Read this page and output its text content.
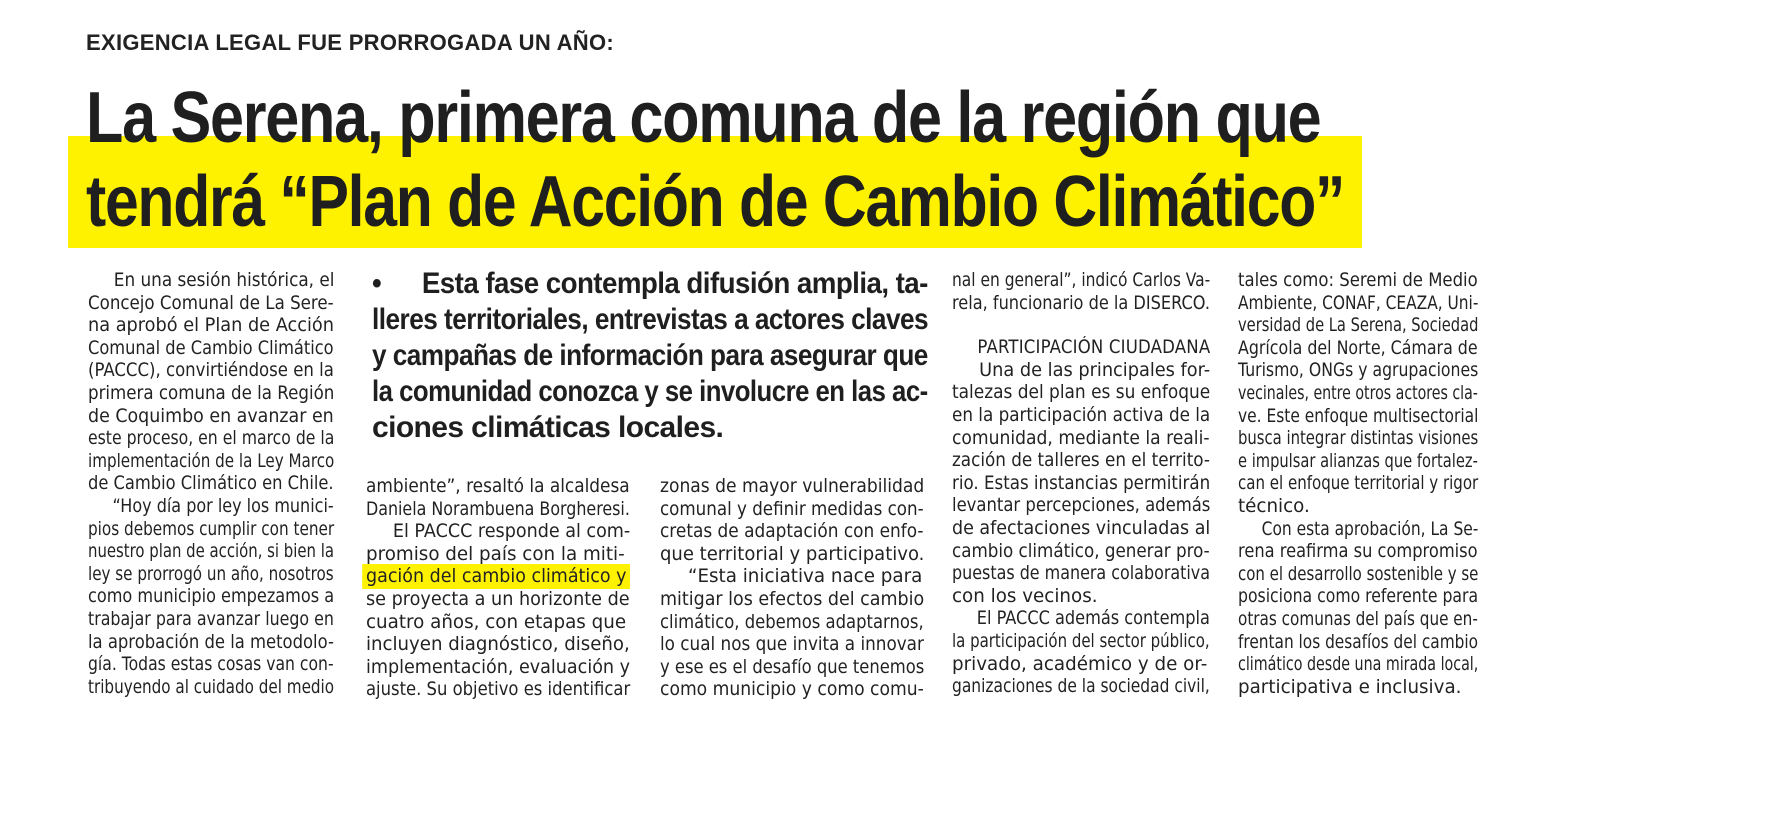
EXIGENCIA LEGAL FUE PRORROGADA UN AÑO:
La Serena, primera comuna de la región que
tendrá “Plan de Acción de Cambio Climático”
En una sesión histórica, el
Concejo Comunal de La Sere-
na aprobó el Plan de Acción
Comunal de Cambio Climático
(PACCC), convirtiéndose en la
primera comuna de la Región
de Coquimbo en avanzar en
este proceso, en el marco de la
implementación de la Ley Marco
de Cambio Climático en Chile.
“Hoy día por ley los munici-
pios debemos cumplir con tener
nuestro plan de acción, si bien la
ley se prorrogó un año, nosotros
como municipio empezamos a
trabajar para avanzar luego en
la aprobación de la metodolo-
gía. Todas estas cosas van con-
tribuyendo al cuidado del medio
• Esta fase contempla difusión amplia, ta-
lleres territoriales, entrevistas a actores claves
y campañas de información para asegurar que
la comunidad conozca y se involucre en las ac-
ciones climáticas locales.
ambiente”, resaltó la alcaldesa
Daniela Norambuena Borgheresi.
El PACCC responde al com-
promiso del país con la miti-
gación del cambio climático y
se proyecta a un horizonte de
cuatro años, con etapas que
incluyen diagnóstico, diseño,
implementación, evaluación y
ajuste. Su objetivo es identificar
zonas de mayor vulnerabilidad
comunal y definir medidas con-
cretas de adaptación con enfo-
que territorial y participativo.
“Esta iniciativa nace para
mitigar los efectos del cambio
climático, debemos adaptarnos,
lo cual nos que invita a innovar
y ese es el desafío que tenemos
como municipio y como comu-
nal en general”, indicó Carlos Va-
rela, funcionario de la DISERCO.
PARTICIPACIÓN CIUDADANA
Una de las principales for-
talezas del plan es su enfoque
en la participación activa de la
comunidad, mediante la reali-
zación de talleres en el territo-
rio. Estas instancias permitirán
levantar percepciones, además
de afectaciones vinculadas al
cambio climático, generar pro-
puestas de manera colaborativa
con los vecinos.
El PACCC además contempla
la participación del sector público,
privado, académico y de or-
ganizaciones de la sociedad civil,
tales como: Seremi de Medio
Ambiente, CONAF, CEAZA, Uni-
versidad de La Serena, Sociedad
Agrícola del Norte, Cámara de
Turismo, ONGs y agrupaciones
vecinales, entre otros actores cla-
ve. Este enfoque multisectorial
busca integrar distintas visiones
e impulsar alianzas que fortalez-
can el enfoque territorial y rigor
técnico.
Con esta aprobación, La Se-
rena reafirma su compromiso
con el desarrollo sostenible y se
posiciona como referente para
otras comunas del país que en-
frentan los desafíos del cambio
climático desde una mirada local,
participativa e inclusiva.
